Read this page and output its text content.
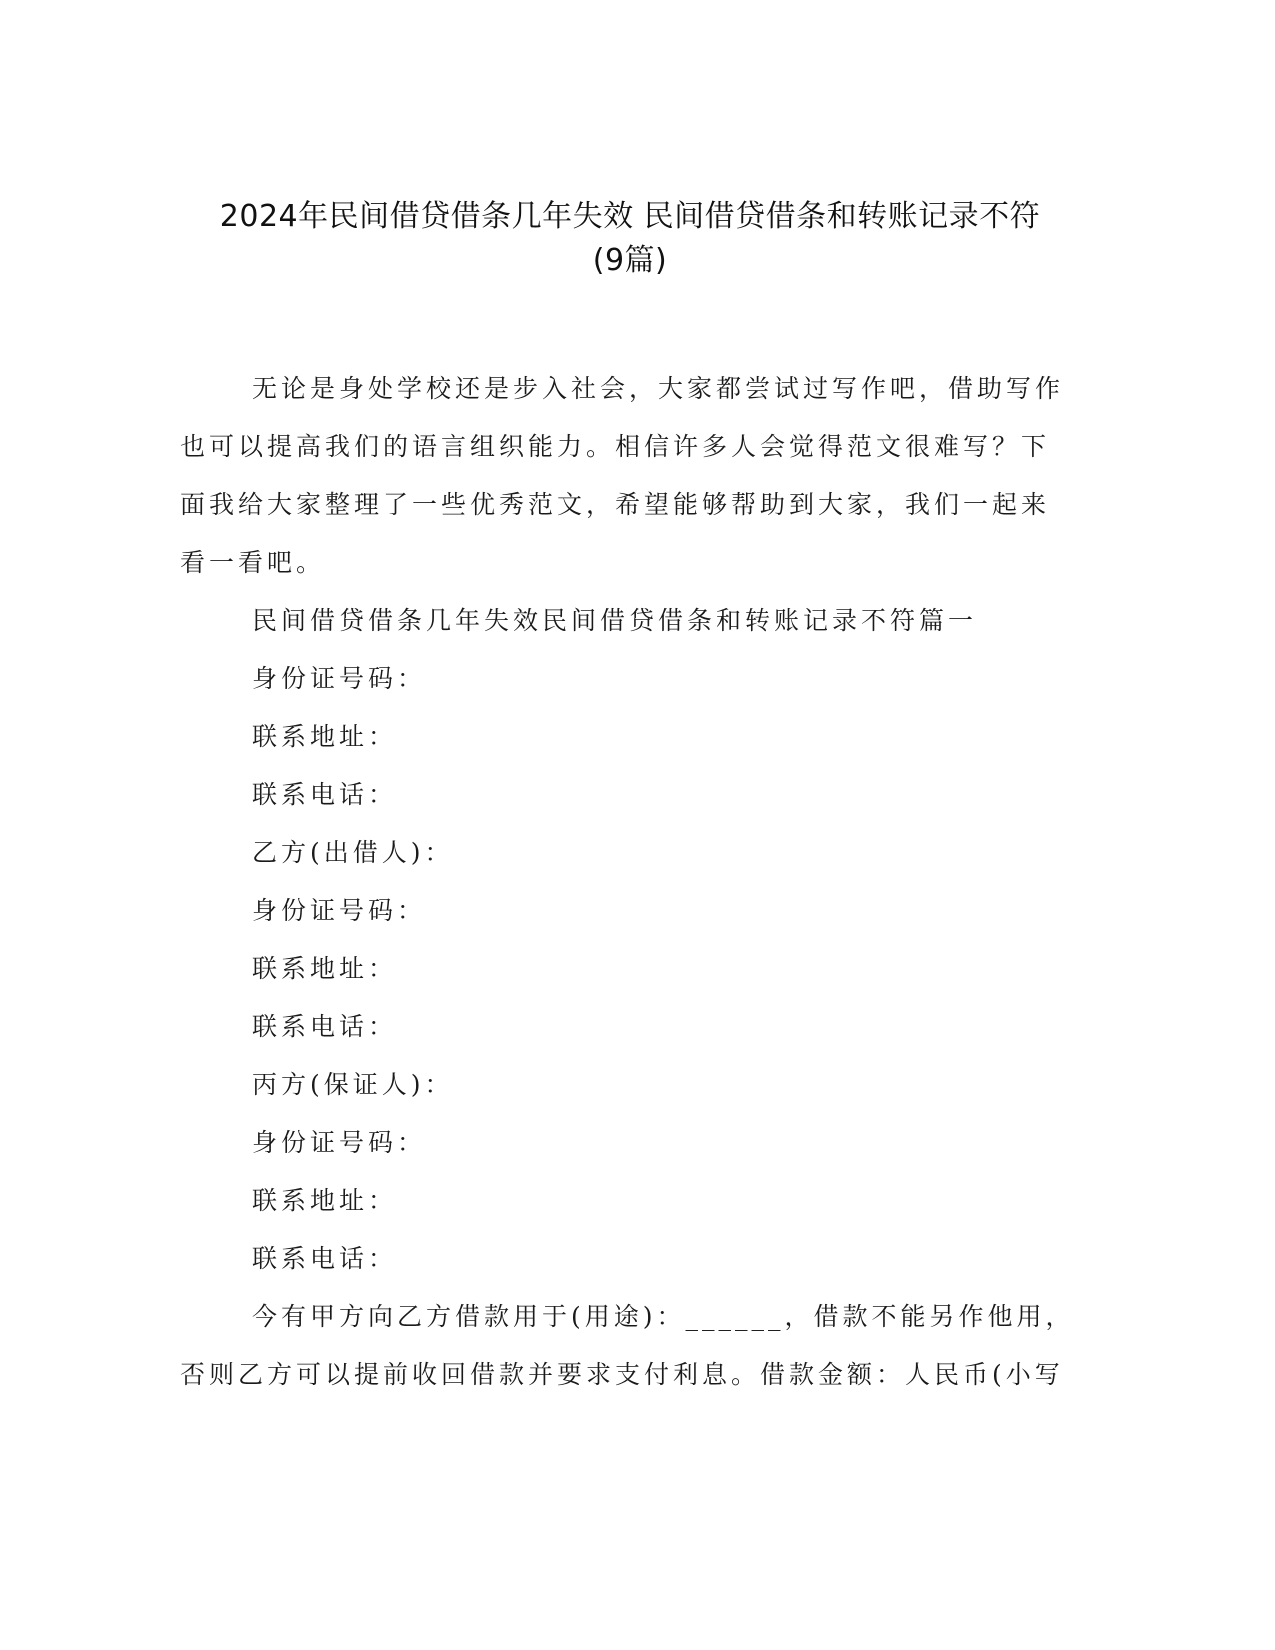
2024年民间借贷借条几年失效 民间借贷借条和转账记录不符
(9篇)
无论是身处学校还是步入社会，大家都尝试过写作吧，借助写作
也可以提高我们的语言组织能力。相信许多人会觉得范文很难写？下
面我给大家整理了一些优秀范文，希望能够帮助到大家，我们一起来
看一看吧。
民间借贷借条几年失效民间借贷借条和转账记录不符篇一
身份证号码：
联系地址：
联系电话：
乙方(出借人)：
身份证号码：
联系地址：
联系电话：
丙方(保证人)：
身份证号码：
联系地址：
联系电话：
今有甲方向乙方借款用于(用途)：______，借款不能另作他用，
否则乙方可以提前收回借款并要求支付利息。借款金额：人民币(小写
